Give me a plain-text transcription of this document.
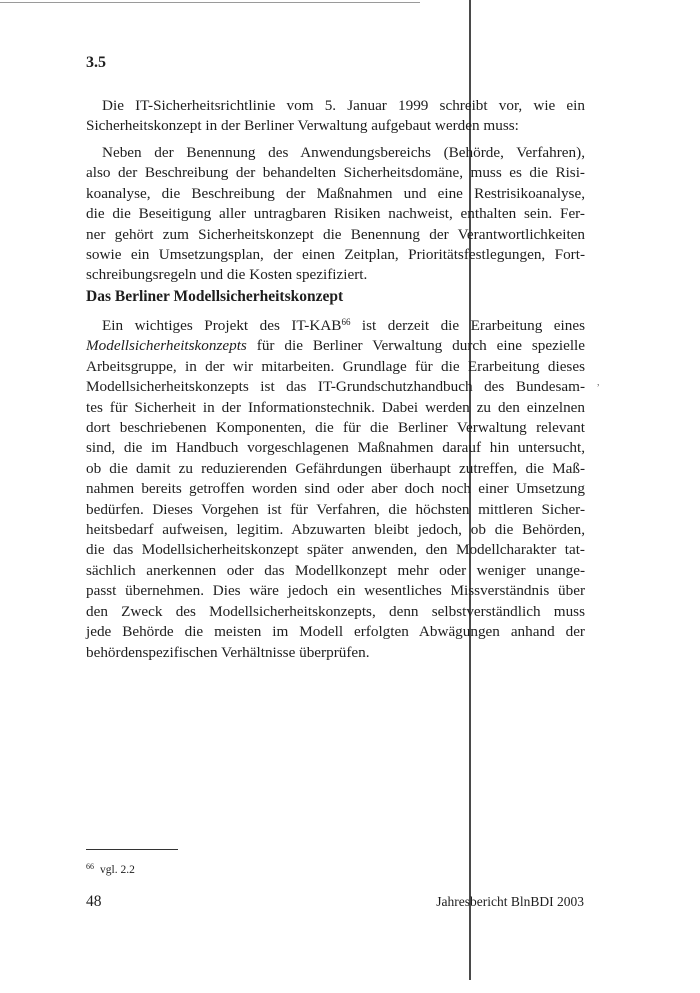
3.5
Die IT-Sicherheitsrichtlinie vom 5. Januar 1999 schreibt vor, wie ein
Sicherheitskonzept in der Berliner Verwaltung aufgebaut werden muss:
Neben der Benennung des Anwendungsbereichs (Behörde, Verfahren),
also der Beschreibung der behandelten Sicherheitsdomäne, muss es die Risi-
koanalyse, die Beschreibung der Maßnahmen und eine Restrisikoanalyse,
die die Beseitigung aller untragbaren Risiken nachweist, enthalten sein. Fer-
ner gehört zum Sicherheitskonzept die Benennung der Verantwortlichkeiten
sowie ein Umsetzungsplan, der einen Zeitplan, Prioritätsfestlegungen, Fort-
schreibungsregeln und die Kosten spezifiziert.
Das Berliner Modellsicherheitskonzept
Ein wichtiges Projekt des IT-KAB$^{66}$ ist derzeit die Erarbeitung eines
Modellsicherheitskonzepts für die Berliner Verwaltung durch eine spezielle
Arbeitsgruppe, in der wir mitarbeiten. Grundlage für die Erarbeitung dieses
Modellsicherheitskonzepts ist das IT-Grundschutzhandbuch des Bundesam-
tes für Sicherheit in der Informationstechnik. Dabei werden zu den einzelnen
dort beschriebenen Komponenten, die für die Berliner Verwaltung relevant
sind, die im Handbuch vorgeschlagenen Maßnahmen darauf hin untersucht,
ob die damit zu reduzierenden Gefährdungen überhaupt zutreffen, die Maß-
nahmen bereits getroffen worden sind oder aber doch noch einer Umsetzung
bedürfen. Dieses Vorgehen ist für Verfahren, die höchsten mittleren Sicher-
heitsbedarf aufweisen, legitim. Abzuwarten bleibt jedoch, ob die Behörden,
die das Modellsicherheitskonzept später anwenden, den Modellcharakter tat-
sächlich anerkennen oder das Modellkonzept mehr oder weniger unange-
passt übernehmen. Dies wäre jedoch ein wesentliches Missverständnis über
den Zweck des Modellsicherheitskonzepts, denn selbstverständlich muss
jede Behörde die meisten im Modell erfolgten Abwägungen anhand der
behördenspezifischen Verhältnisse überprüfen.
,
$^{66}$ vgl. 2.2
48	Jahresbericht BlnBDI 2003
